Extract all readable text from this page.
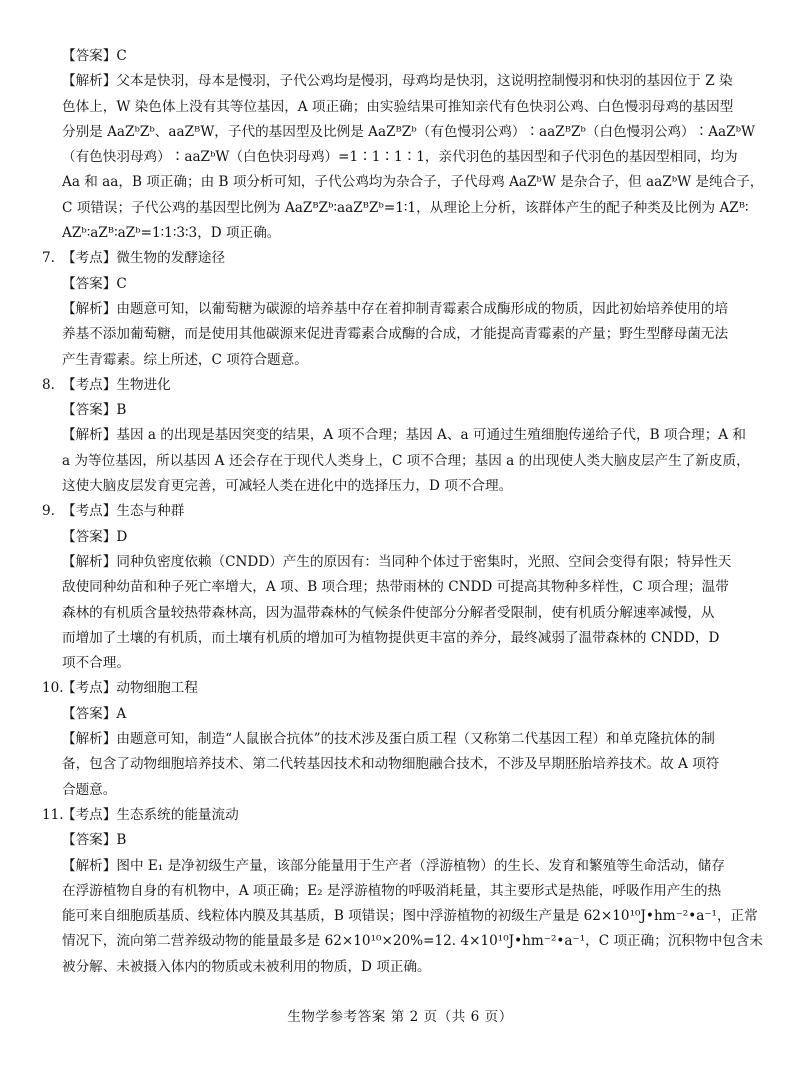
【答案】C
【解析】父本是快羽，母本是慢羽，子代公鸡均是慢羽，母鸡均是快羽，这说明控制慢羽和快羽的基因位于 Z 染
色体上，W 染色体上没有其等位基因，A 项正确；由实验结果可推知亲代有色快羽公鸡、白色慢羽母鸡的基因型
分别是 AaZᵇZᵇ、aaZᴮW，子代的基因型及比例是 AaZᴮZᵇ（有色慢羽公鸡）∶aaZᴮZᵇ（白色慢羽公鸡）∶AaZᵇW
（有色快羽母鸡）∶aaZᵇW（白色快羽母鸡）=1∶1∶1∶1，亲代羽色的基因型和子代羽色的基因型相同，均为
Aa 和 aa，B 项正确；由 B 项分析可知，子代公鸡均为杂合子，子代母鸡 AaZᵇW 是杂合子，但 aaZᵇW 是纯合子，
C 项错误；子代公鸡的基因型比例为 AaZᴮZᵇ∶aaZᴮZᵇ=1∶1，从理论上分析，该群体产生的配子种类及比例为 AZᴮ∶
AZᵇ∶aZᴮ∶aZᵇ=1∶1∶3∶3，D 项正确。
7. 【考点】微生物的发酵途径
【答案】C
【解析】由题意可知，以葡萄糖为碳源的培养基中存在着抑制青霉素合成酶形成的物质，因此初始培养使用的培
养基不添加葡萄糖，而是使用其他碳源来促进青霉素合成酶的合成，才能提高青霉素的产量；野生型酵母菌无法
产生青霉素。综上所述，C 项符合题意。
8. 【考点】生物进化
【答案】B
【解析】基因 a 的出现是基因突变的结果，A 项不合理；基因 A、a 可通过生殖细胞传递给子代，B 项合理；A 和
a 为等位基因，所以基因 A 还会存在于现代人类身上，C 项不合理；基因 a 的出现使人类大脑皮层产生了新皮质，
这使大脑皮层发育更完善，可减轻人类在进化中的选择压力，D 项不合理。
9. 【考点】生态与种群
【答案】D
【解析】同种负密度依赖（CNDD）产生的原因有：当同种个体过于密集时，光照、空间会变得有限；特异性天
敌使同种幼苗和种子死亡率增大，A 项、B 项合理；热带雨林的 CNDD 可提高其物种多样性，C 项合理；温带
森林的有机质含量较热带森林高，因为温带森林的气候条件使部分分解者受限制，使有机质分解速率减慢，从
而增加了土壤的有机质，而土壤有机质的增加可为植物提供更丰富的养分，最终减弱了温带森林的 CNDD，D
项不合理。
10.【考点】动物细胞工程
【答案】A
【解析】由题意可知，制造“人鼠嵌合抗体”的技术涉及蛋白质工程（又称第二代基因工程）和单克隆抗体的制
备，包含了动物细胞培养技术、第二代转基因技术和动物细胞融合技术，不涉及早期胚胎培养技术。故 A 项符
合题意。
11.【考点】生态系统的能量流动
【答案】B
【解析】图中 E₁ 是净初级生产量，该部分能量用于生产者（浮游植物）的生长、发育和繁殖等生命活动，储存
在浮游植物自身的有机物中，A 项正确；E₂ 是浮游植物的呼吸消耗量，其主要形式是热能，呼吸作用产生的热
能可来自细胞质基质、线粒体内膜及其基质，B 项错误；图中浮游植物的初级生产量是 62×10¹⁰J•hm⁻²•a⁻¹，正常
情况下，流向第二营养级动物的能量最多是 62×10¹⁰×20%=12. 4×10¹⁰J•hm⁻²•a⁻¹，C 项正确；沉积物中包含未
被分解、未被摄入体内的物质或未被利用的物质，D 项正确。
生物学参考答案 第 2 页（共 6 页）
